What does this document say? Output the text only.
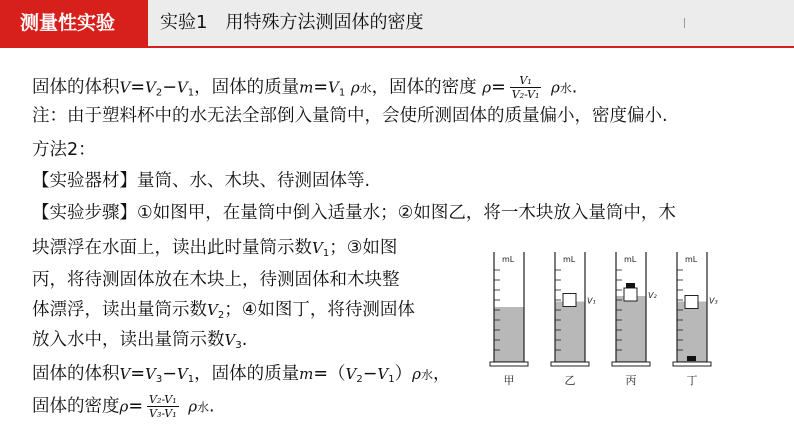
测量性实验	实验1　用特殊方法测固体的密度
固体的体积$V=V_2-V_1$，固体的质量$m=V_1$ ρ水，固体的密度 $\rho= \frac{\text{V₁}}{\text{V₂-V₁}}$ ρ水.
注：由于塑料杯中的水无法全部倒入量筒中，会使所测固体的质量偏小，密度偏小.
方法2：
【实验器材】量筒、水、木块、待测固体等.
【实验步骤】①如图甲，在量筒中倒入适量水；②如图乙，将一木块放入量筒中，木
块漂浮在水面上，读出此时量筒示数$V_1$；③如图
丙，将待测固体放在木块上，待测固体和木块整
体漂浮，读出量筒示数$V_2$；④如图丁，将待测固体
放入水中，读出量筒示数$V_3$.
固体的体积$V=V_3-V_1$，固体的质量$m=(V_2-V_1)\rho$水，
固体的密度$\rho= \frac{\text{V₂-V₁}}{\text{V₃-V₁}}$ ρ水.
mL
甲
mL
V₁
乙
mL
V₂
丙
mL
V₃
丁
